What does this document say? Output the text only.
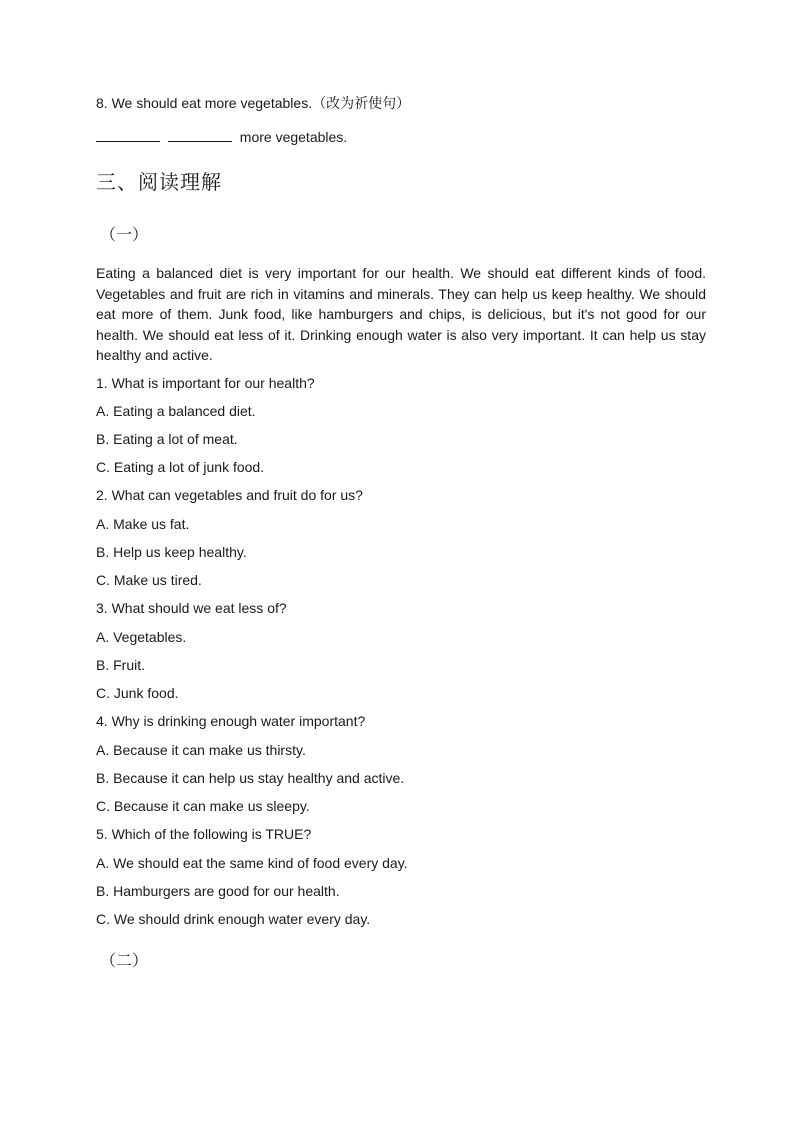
8. We should eat more vegetables.（改为祈使句）
more vegetables.
三、阅读理解
（一）
Eating a balanced diet is very important for our health. We should eat different kinds of food. Vegetables and fruit are rich in vitamins and minerals. They can help us keep healthy. We should eat more of them. Junk food, like hamburgers and chips, is delicious, but it's not good for our health. We should eat less of it. Drinking enough water is also very important. It can help us stay healthy and active.
1. What is important for our health?
A. Eating a balanced diet.
B. Eating a lot of meat.
C. Eating a lot of junk food.
2. What can vegetables and fruit do for us?
A. Make us fat.
B. Help us keep healthy.
C. Make us tired.
3. What should we eat less of?
A. Vegetables.
B. Fruit.
C. Junk food.
4. Why is drinking enough water important?
A. Because it can make us thirsty.
B. Because it can help us stay healthy and active.
C. Because it can make us sleepy.
5. Which of the following is TRUE?
A. We should eat the same kind of food every day.
B. Hamburgers are good for our health.
C. We should drink enough water every day.
（二）
